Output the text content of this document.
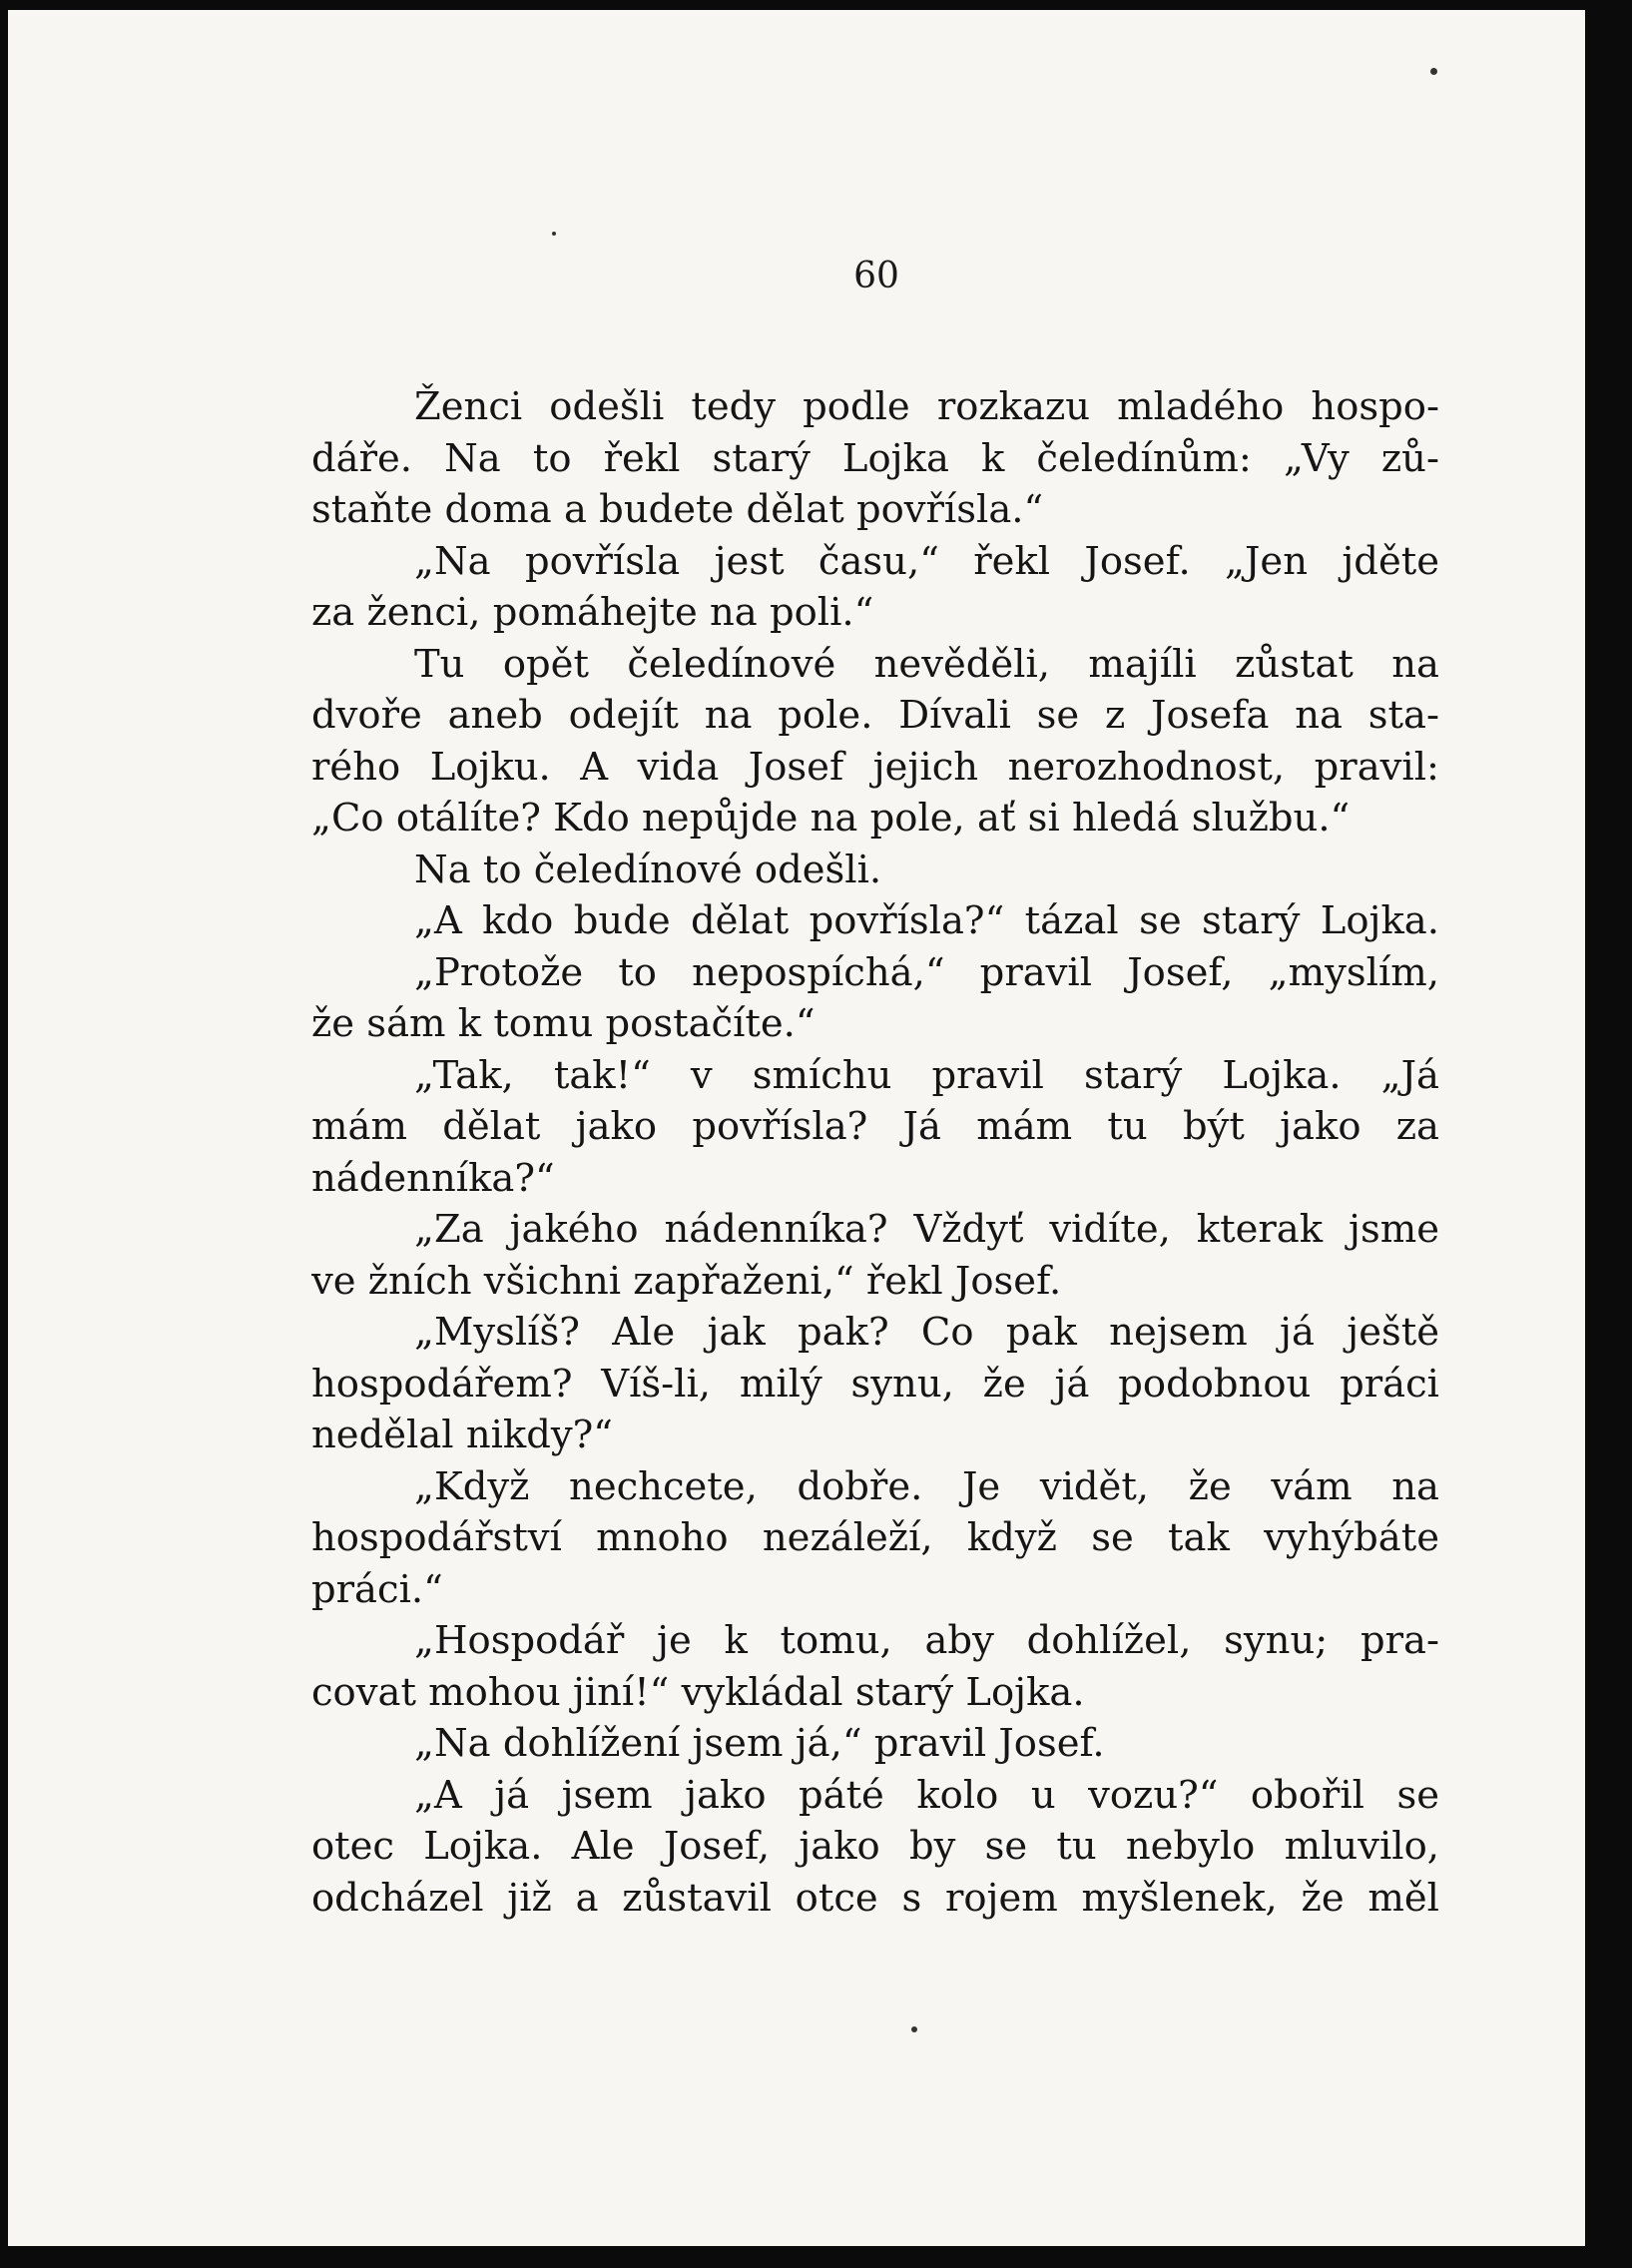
60
Ženci odešli tedy podle rozkazu mladého hospo-
dáře. Na to řekl starý Lojka k čeledínům: „Vy zů-
staňte doma a budete dělat povřísla.“
„Na povřísla jest času,“ řekl Josef. „Jen jděte
za ženci, pomáhejte na poli.“
Tu opět čeledínové nevěděli, majíli zůstat na
dvoře aneb odejít na pole. Dívali se z Josefa na sta-
rého Lojku. A vida Josef jejich nerozhodnost, pravil:
„Co otálíte? Kdo nepůjde na pole, ať si hledá službu.“
Na to čeledínové odešli.
„A kdo bude dělat povřísla?“ tázal se starý Lojka.
„Protože to nepospíchá,“ pravil Josef, „myslím,
že sám k tomu postačíte.“
„Tak, tak!“ v smíchu pravil starý Lojka. „Já
mám dělat jako povřísla? Já mám tu být jako za
nádenníka?“
„Za jakého nádenníka? Vždyť vidíte, kterak jsme
ve žních všichni zapřaženi,“ řekl Josef.
„Myslíš? Ale jak pak? Co pak nejsem já ještě
hospodářem? Víš-li, milý synu, že já podobnou práci
nedělal nikdy?“
„Když nechcete, dobře. Je vidět, že vám na
hospodářství mnoho nezáleží, když se tak vyhýbáte
práci.“
„Hospodář je k tomu, aby dohlížel, synu; pra-
covat mohou jiní!“ vykládal starý Lojka.
„Na dohlížení jsem já,“ pravil Josef.
„A já jsem jako páté kolo u vozu?“ obořil se
otec Lojka. Ale Josef, jako by se tu nebylo mluvilo,
odcházel již a zůstavil otce s rojem myšlenek, že měl
